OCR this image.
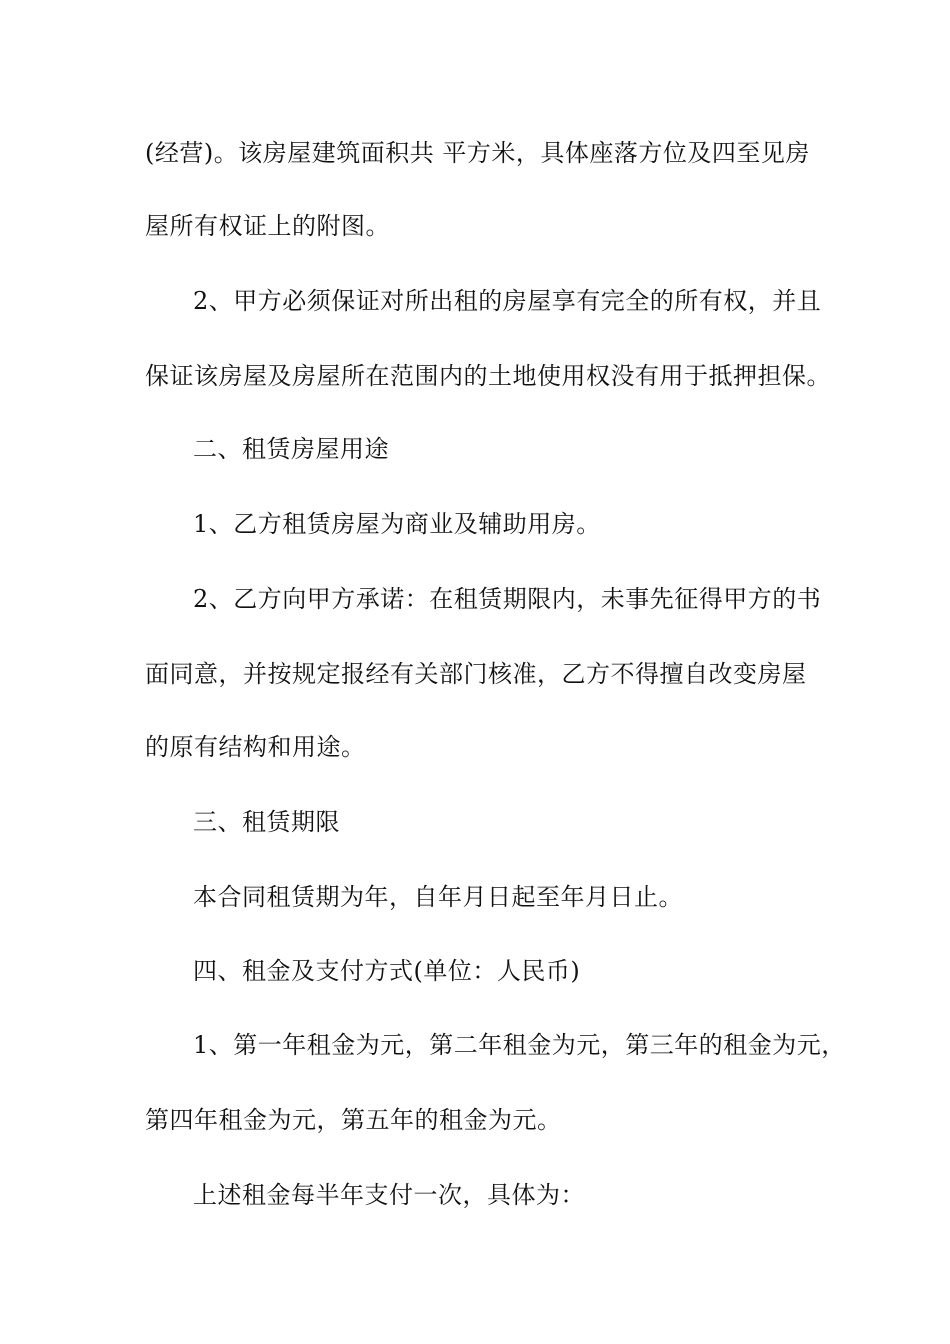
(经营)。该房屋建筑面积共 平方米，具体座落方位及四至见房
屋所有权证上的附图。
2、甲方必须保证对所出租的房屋享有完全的所有权，并且
保证该房屋及房屋所在范围内的土地使用权没有用于抵押担保。
二、租赁房屋用途
1、乙方租赁房屋为商业及辅助用房。
2、乙方向甲方承诺：在租赁期限内，未事先征得甲方的书
面同意，并按规定报经有关部门核准，乙方不得擅自改变房屋
的原有结构和用途。
三、租赁期限
本合同租赁期为年，自年月日起至年月日止。
四、租金及支付方式(单位：人民币)
1、第一年租金为元，第二年租金为元，第三年的租金为元，
第四年租金为元，第五年的租金为元。
上述租金每半年支付一次，具体为：
